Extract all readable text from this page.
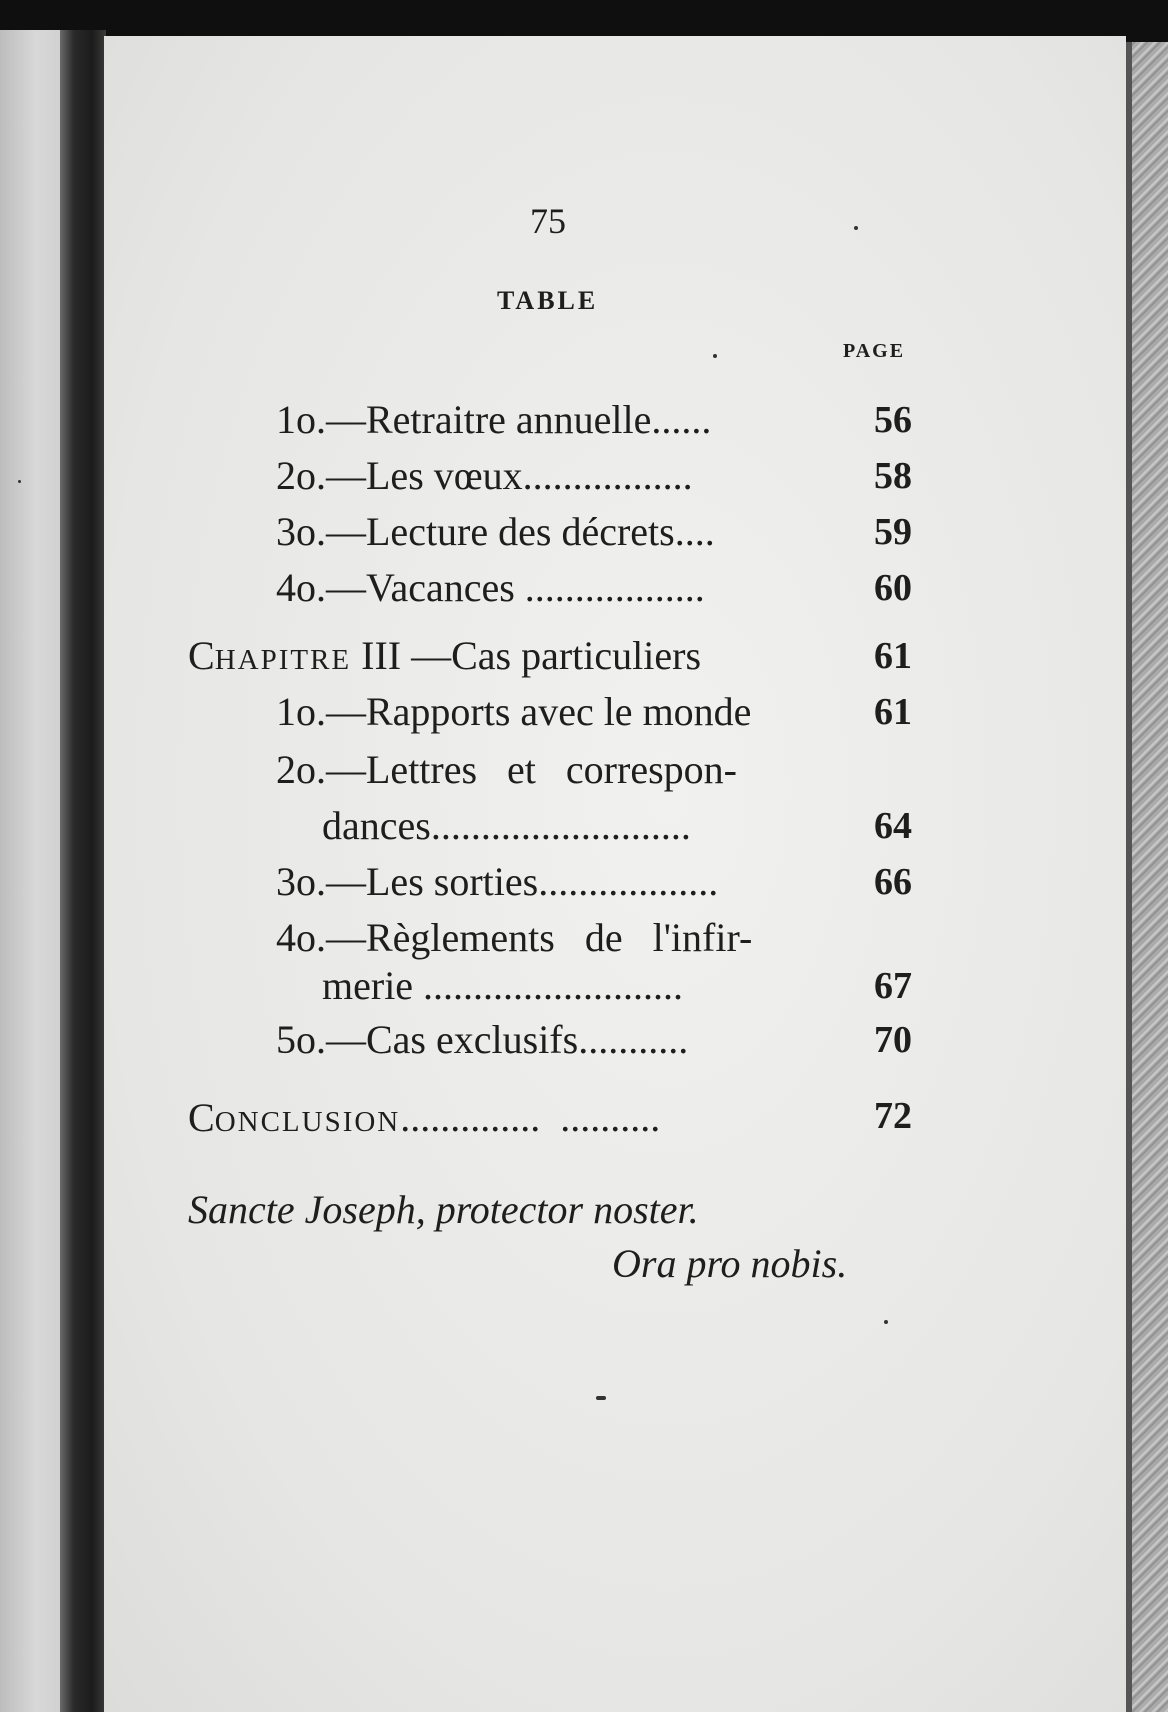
75
TABLE
PAGE
1o.—Retraitre annuelle......	56
2o.—Les vœux.................	58
3o.—Lecture des décrets....	59
4o.—Vacances ..................	60
CHAPITRE III —Cas particuliers	61
1o.—Rapports avec le monde	61
2o.—Lettres   et   correspon-
dances..........................	64
3o.—Les sorties..................	66
4o.—Règlements   de   l'infir-
merie ..........................	67
5o.—Cas exclusifs...........	70
CONCLUSION..............  ..........	72
Sancte Joseph, protector noster.
Ora pro nobis.
